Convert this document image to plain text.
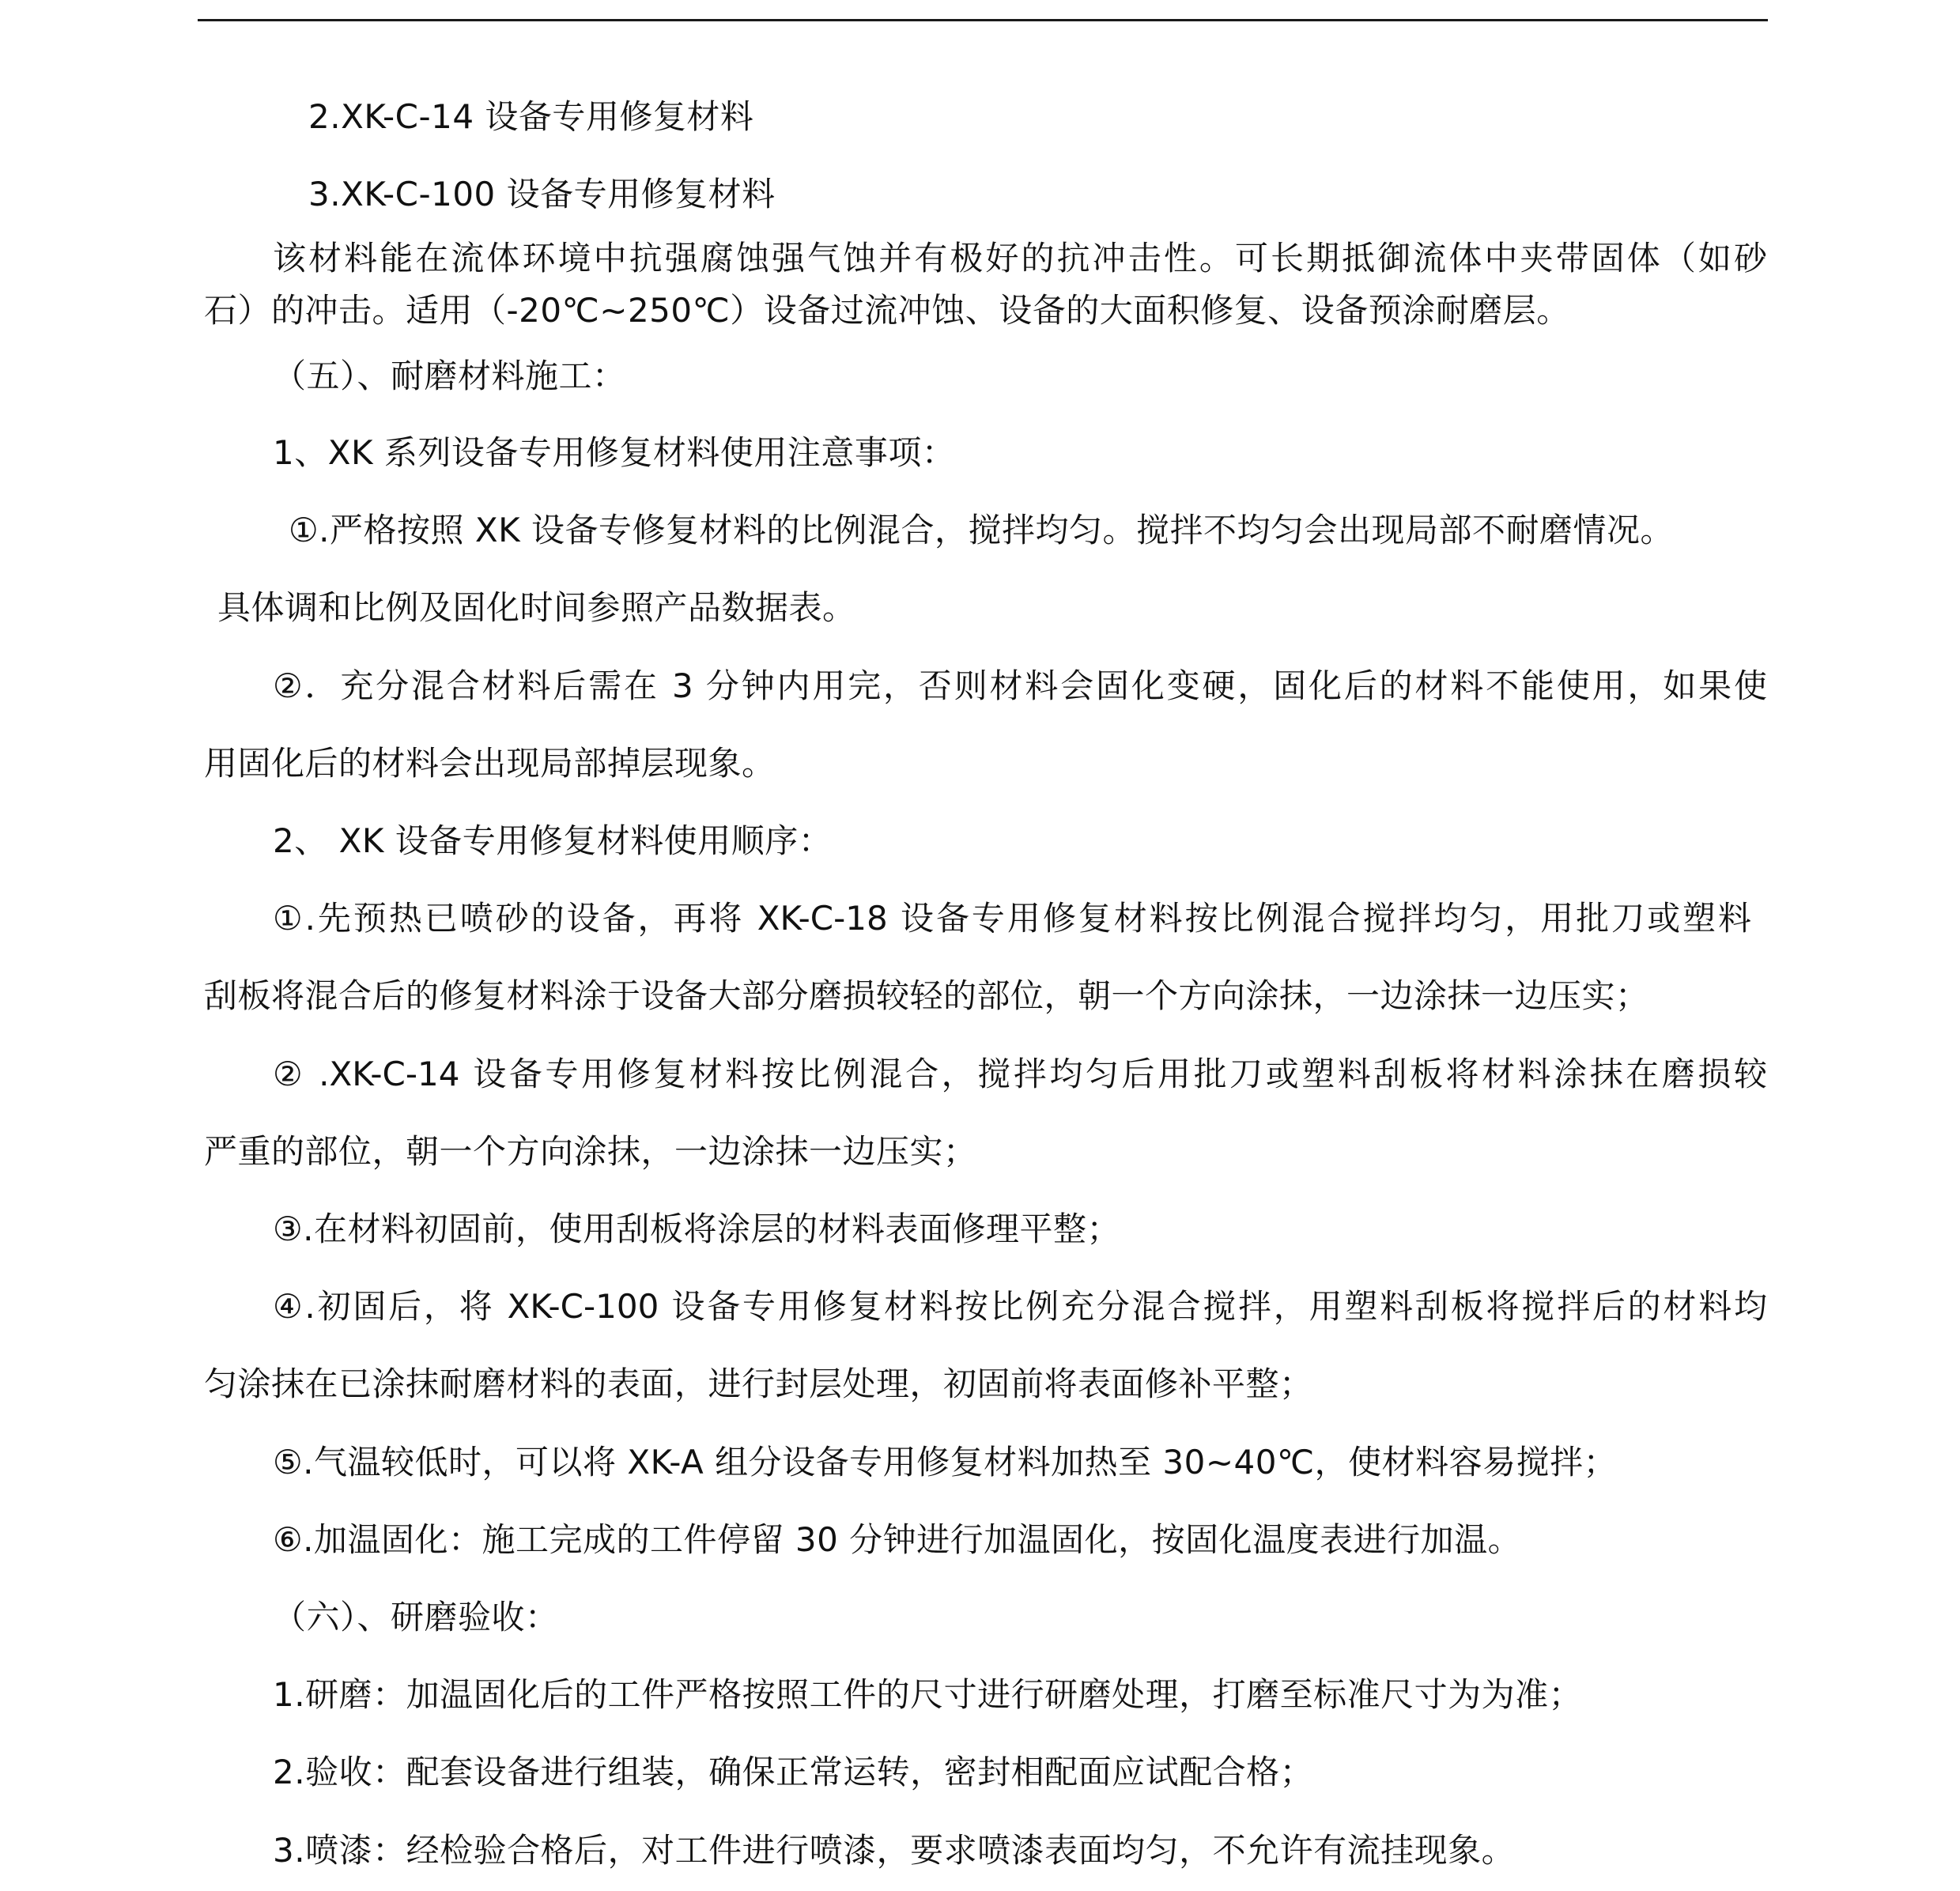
2.XK-C-14 设备专用修复材料
3.XK-C-100 设备专用修复材料
该材料能在流体环境中抗强腐蚀强气蚀并有极好的抗冲击性。可长期抵御流体中夹带固体（如砂
石）的冲击。适用（-20℃~250℃）设备过流冲蚀、设备的大面积修复、设备预涂耐磨层。
（五）、耐磨材料施工：
1、XK 系列设备专用修复材料使用注意事项：
①.严格按照 XK 设备专修复材料的比例混合，搅拌均匀。搅拌不均匀会出现局部不耐磨情况。
具体调和比例及固化时间参照产品数据表。
②．充分混合材料后需在 3 分钟内用完，否则材料会固化变硬，固化后的材料不能使用，如果使
用固化后的材料会出现局部掉层现象。
2、 XK 设备专用修复材料使用顺序：
①.先预热已喷砂的设备，再将 XK-C-18 设备专用修复材料按比例混合搅拌均匀，用批刀或塑料
刮板将混合后的修复材料涂于设备大部分磨损较轻的部位，朝一个方向涂抹，一边涂抹一边压实；
② .XK-C-14 设备专用修复材料按比例混合，搅拌均匀后用批刀或塑料刮板将材料涂抹在磨损较
严重的部位，朝一个方向涂抹，一边涂抹一边压实；
③.在材料初固前，使用刮板将涂层的材料表面修理平整；
④.初固后，将 XK-C-100 设备专用修复材料按比例充分混合搅拌，用塑料刮板将搅拌后的材料均
匀涂抹在已涂抹耐磨材料的表面，进行封层处理，初固前将表面修补平整；
⑤.气温较低时，可以将 XK-A 组分设备专用修复材料加热至 30~40℃，使材料容易搅拌；
⑥.加温固化：施工完成的工件停留 30 分钟进行加温固化，按固化温度表进行加温。
（六）、研磨验收：
1.研磨：加温固化后的工件严格按照工件的尺寸进行研磨处理，打磨至标准尺寸为为准；
2.验收：配套设备进行组装，确保正常运转，密封相配面应试配合格；
3.喷漆：经检验合格后，对工件进行喷漆，要求喷漆表面均匀，不允许有流挂现象。
